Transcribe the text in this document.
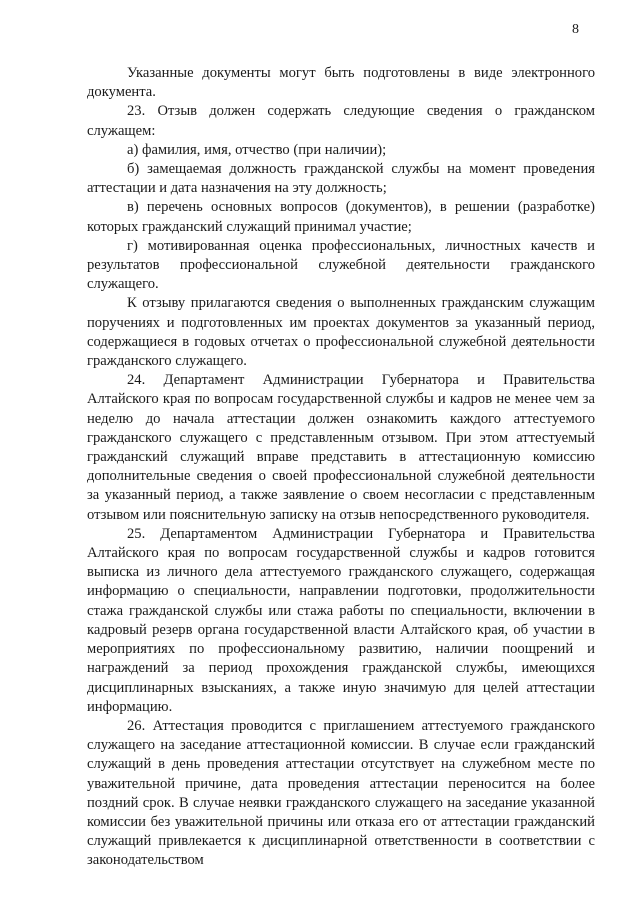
8

Указанные документы могут быть подготовлены в виде электронного документа.

23. Отзыв должен содержать следующие сведения о гражданском служащем:

а) фамилия, имя, отчество (при наличии);

б) замещаемая должность гражданской службы на момент проведения аттестации и дата назначения на эту должность;

в) перечень основных вопросов (документов), в решении (разработке) которых гражданский служащий принимал участие;

г) мотивированная оценка профессиональных, личностных качеств и результатов профессиональной служебной деятельности гражданского служащего.

К отзыву прилагаются сведения о выполненных гражданским служащим поручениях и подготовленных им проектах документов за указанный период, содержащиеся в годовых отчетах о профессиональной служебной деятельности гражданского служащего.

24. Департамент Администрации Губернатора и Правительства Алтайского края по вопросам государственной службы и кадров не менее чем за неделю до начала аттестации должен ознакомить каждого аттестуемого гражданского служащего с представленным отзывом. При этом аттестуемый гражданский служащий вправе представить в аттестационную комиссию дополнительные сведения о своей профессиональной служебной деятельности за указанный период, а также заявление о своем несогласии с представленным отзывом или пояснительную записку на отзыв непосредственного руководителя.

25. Департаментом Администрации Губернатора и Правительства Алтайского края по вопросам государственной службы и кадров готовится выписка из личного дела аттестуемого гражданского служащего, содержащая информацию о специальности, направлении подготовки, продолжительности стажа гражданской службы или стажа работы по специальности, включении в кадровый резерв органа государственной власти Алтайского края, об участии в мероприятиях по профессиональному развитию, наличии поощрений и награждений за период прохождения гражданской службы, имеющихся дисциплинарных взысканиях, а также иную значимую для целей аттестации информацию.

26. Аттестация проводится с приглашением аттестуемого гражданского служащего на заседание аттестационной комиссии. В случае если гражданский служащий в день проведения аттестации отсутствует на служебном месте по уважительной причине, дата проведения аттестации переносится на более поздний срок. В случае неявки гражданского служащего на заседание указанной комиссии без уважительной причины или отказа его от аттестации гражданский служащий привлекается к дисциплинарной ответственности в соответствии с законодательством
